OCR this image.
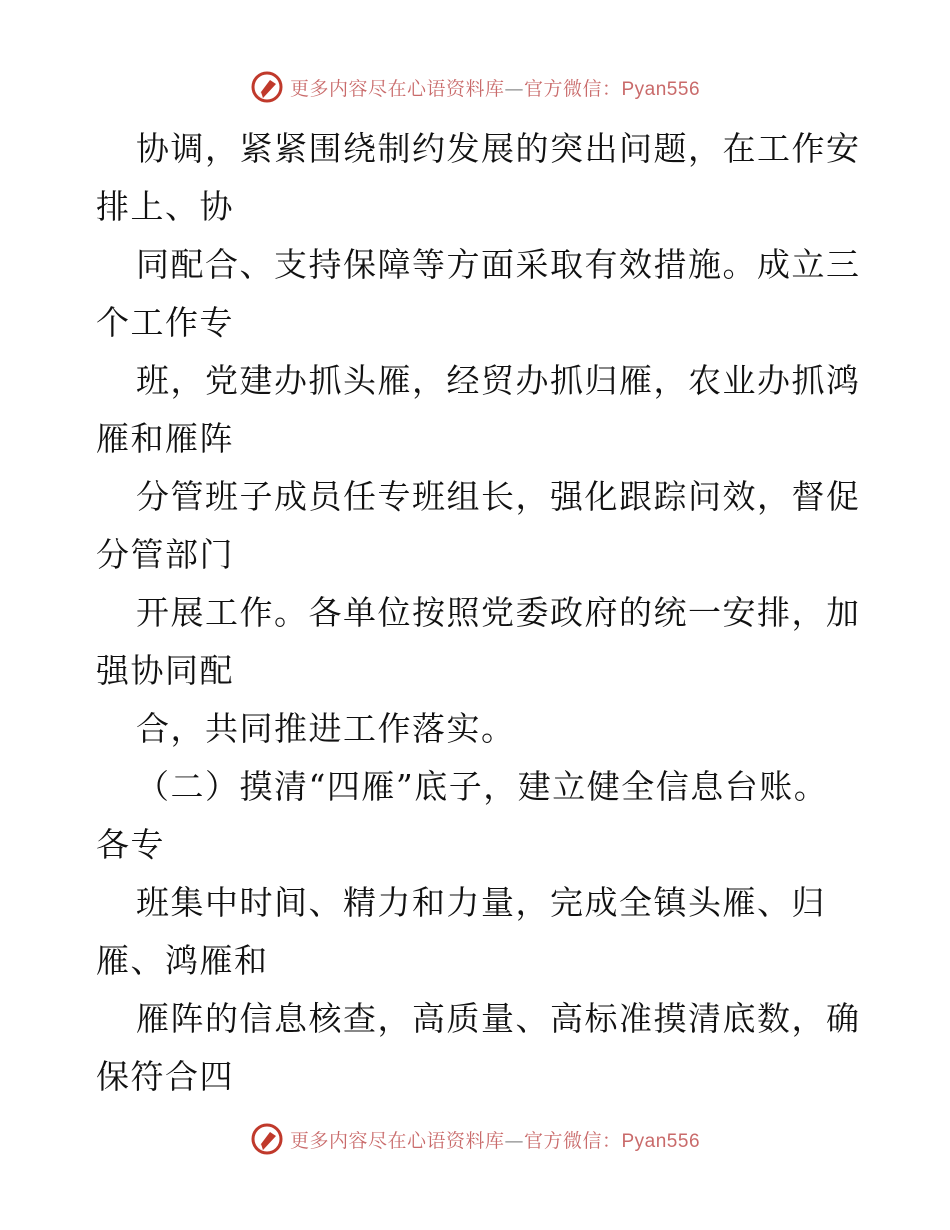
更多内容尽在心语资料库—官方微信：Pyan556
协调，紧紧围绕制约发展的突出问题，在工作安
排上、协
同配合、支持保障等方面采取有效措施。成立三
个工作专
班，党建办抓头雁，经贸办抓归雁，农业办抓鸿
雁和雁阵
分管班子成员任专班组长，强化跟踪问效，督促
分管部门
开展工作。各单位按照党委政府的统一安排，加
强协同配
合，共同推进工作落实。
（二）摸清“四雁”底子，建立健全信息台账。
各专
班集中时间、精力和力量，完成全镇头雁、归
雁、鸿雁和
雁阵的信息核查，高质量、高标准摸清底数，确
保符合四
更多内容尽在心语资料库—官方微信：Pyan556
